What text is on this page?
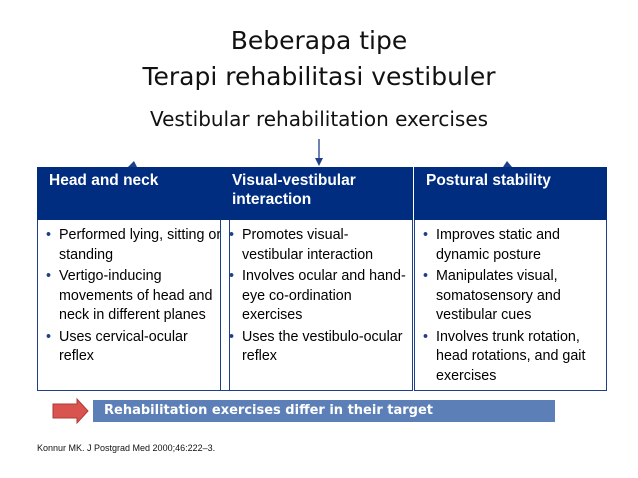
Beberapa tipe
Terapi rehabilitasi vestibuler
Vestibular rehabilitation exercises
Head and neck
• Performed lying, sitting or standing
• Vertigo-inducing movements of head and neck in different planes
• Uses cervical-ocular reflex
Visual-vestibular interaction
• Promotes visual-vestibular interaction
• Involves ocular and hand-eye co-ordination exercises
• Uses the vestibulo-ocular reflex
Postural stability
• Improves static and dynamic posture
• Manipulates visual, somatosensory and vestibular cues
• Involves trunk rotation, head rotations, and gait exercises
Rehabilitation exercises differ in their target
Konnur MK. J Postgrad Med 2000;46:222–3.
